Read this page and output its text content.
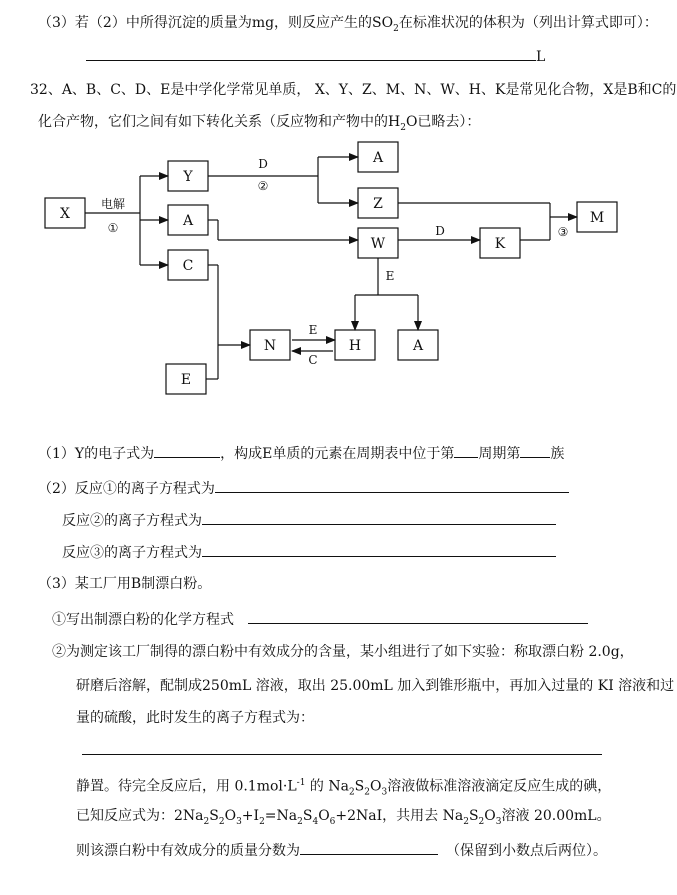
（3）若（2）中所得沉淀的质量为mg，则反应产生的$SO_2$在标准状况的体积为（列出计算式即可）：
L
32、A、B、C、D、E是中学化学常见单质， X、Y、Z、M、N、W、H、K是常见化合物，X是B和C的
化合产物，它们之间有如下转化关系（反应物和产物中的$H_2O$已略去）：
X
Y
A
C
A
Z
W	K
M
N	H	A
E
电解
①
D
②
D	③
E
E
C
（1）Y的电子式为	，构成E单质的元素在周期表中位于第 周期第 族
（2）反应①的离子方程式为
反应②的离子方程式为
反应③的离子方程式为
（3）某工厂用B制漂白粉。
①写出制漂白粉的化学方程式
②为测定该工厂制得的漂白粉中有效成分的含量，某小组进行了如下实验：称取漂白粉 2.0g，
研磨后溶解，配制成250mL 溶液，取出 25.00mL 加入到锥形瓶中，再加入过量的 KI 溶液和过
量的硫酸，此时发生的离子方程式为：
静置。待完全反应后，用 $0.1mol\cdot L^{-1}$ 的 $Na_2S_2O_3$溶液做标准溶液滴定反应生成的碘，
已知反应式为：$2Na_2S_2O_3+I_2=Na_2S_4O_6+2NaI$，共用去 $Na_2S_2O_3$溶液 20.00mL。
则该漂白粉中有效成分的质量分数为	（保留到小数点后两位）。
